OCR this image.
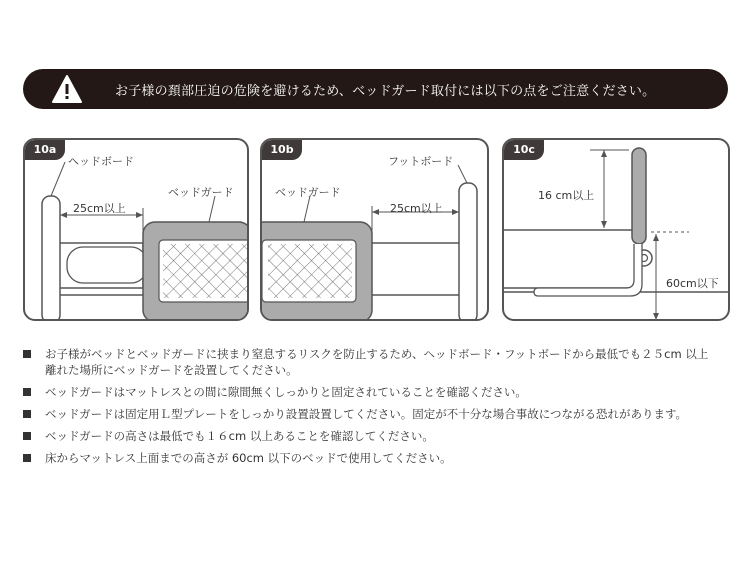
お子様の頚部圧迫の危険を避けるため、ベッドガード取付には以下の点をご注意ください。
10a
ヘッドボード
ベッドガード
25cm以上
10b
フットボード
ベッドガード
25cm以上
10c
16 cm以上
60cm以下
お子様がベッドとベッドガードに挟まり窒息するリスクを防止するため、ヘッドボード・フットボードから最低でも２５cm 以上
離れた場所にベッドガードを設置してください。
ベッドガードはマットレスとの間に隙間無くしっかりと固定されていることを確認ください。
ベッドガードは固定用Ｌ型プレートをしっかり設置設置してください。固定が不十分な場合事故につながる恐れがあります。
ベッドガードの高さは最低でも１６cm 以上あることを確認してください。
床からマットレス上面までの高さが 60cm 以下のベッドで使用してください。
